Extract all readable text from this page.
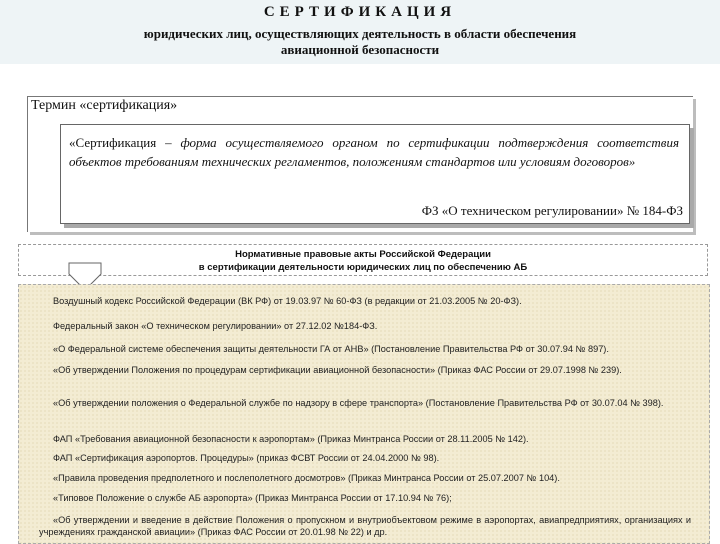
СЕРТИФИКАЦИЯ
юридических лиц, осуществляющих деятельность в области обеспечения
авиационной безопасности
Термин «сертификация»
«Сертификация – форма осуществляемого органом по сертификации подтверждения соответствия объектов требованиям технических регламентов, положениям стандартов или условиям договоров»
ФЗ «О техническом регулировании» № 184-ФЗ
Нормативные правовые акты Российской Федерации
в сертификации деятельности юридических лиц по обеспечению АБ
Воздушный кодекс Российской Федерации (ВК РФ) от 19.03.97 № 60-ФЗ (в редакции от 21.03.2005 № 20-ФЗ).
Федеральный закон «О техническом регулировании» от 27.12.02 №184-ФЗ.
«О Федеральной системе обеспечения защиты деятельности ГА от АНВ» (Постановление Правительства РФ от 30.07.94 № 897).
«Об утверждении Положения по процедурам сертификации авиационной безопасности» (Приказ ФАС России от 29.07.1998 № 239).
«Об утверждении положения о Федеральной службе по надзору в сфере транспорта» (Постановление Правительства РФ от 30.07.04 № 398).
ФАП «Требования авиационной безопасности к аэропортам» (Приказ Минтранса России от 28.11.2005 № 142).
ФАП «Сертификация аэропортов. Процедуры» (приказ ФСВТ России от 24.04.2000 № 98).
«Правила проведения предполетного и послеполетного досмотров» (Приказ Минтранса России от 25.07.2007 № 104).
«Типовое Положение о службе АБ аэропорта» (Приказ Минтранса России от 17.10.94 № 76);
«Об утверждении и введение в действие Положения о пропускном и внутриобъектовом режиме в аэропортах, авиапредприятиях, организациях и учреждениях гражданской авиации» (Приказ ФАС России от 20.01.98 № 22) и др.
